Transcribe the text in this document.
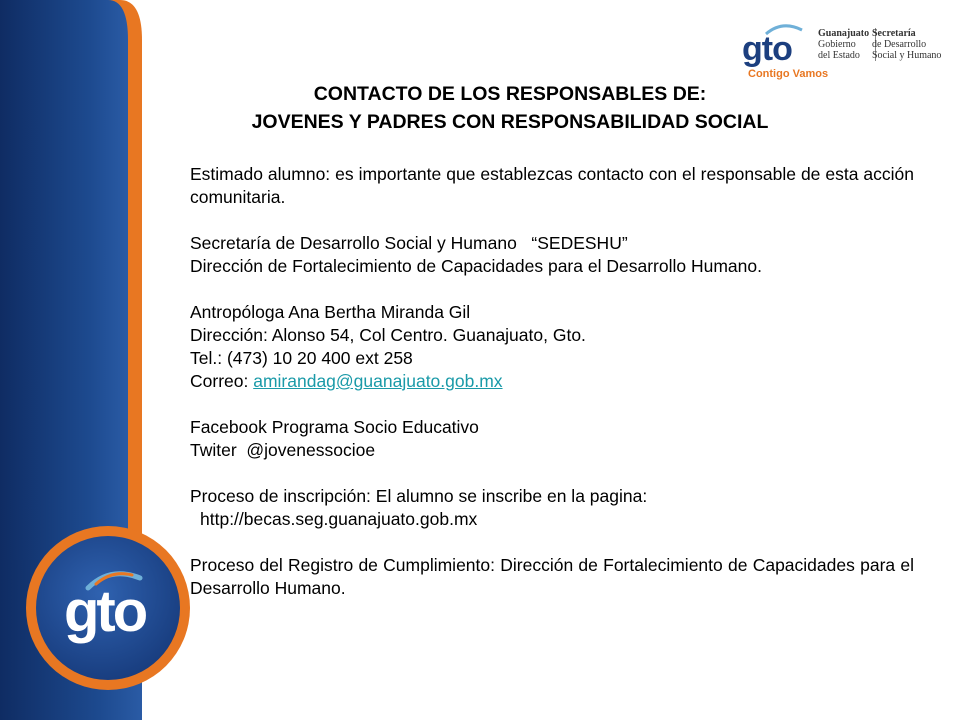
gto
gto	Guanajuato
Gobierno
del Estado
Secretaría
de Desarrollo
Social y Humano
Contigo Vamos
CONTACTO DE LOS RESPONSABLES DE:
JOVENES Y PADRES CON RESPONSABILIDAD SOCIAL

Estimado alumno: es importante que establezcas contacto con el responsable de esta acción comunitaria.

Secretaría de Desarrollo Social y Humano   “SEDESHU”
Dirección de Fortalecimiento de Capacidades para el Desarrollo Humano.

Antropóloga Ana Bertha Miranda Gil
Dirección: Alonso 54, Col Centro. Guanajuato, Gto.
Tel.: (473) 10 20 400 ext 258
Correo: amirandag@guanajuato.gob.mx

Facebook Programa Socio Educativo
Twiter  @jovenessocioe

Proceso de inscripción: El alumno se inscribe en la pagina:
http://becas.seg.guanajuato.gob.mx

Proceso del Registro de Cumplimiento: Dirección de Fortalecimiento de Capacidades para el Desarrollo Humano.
